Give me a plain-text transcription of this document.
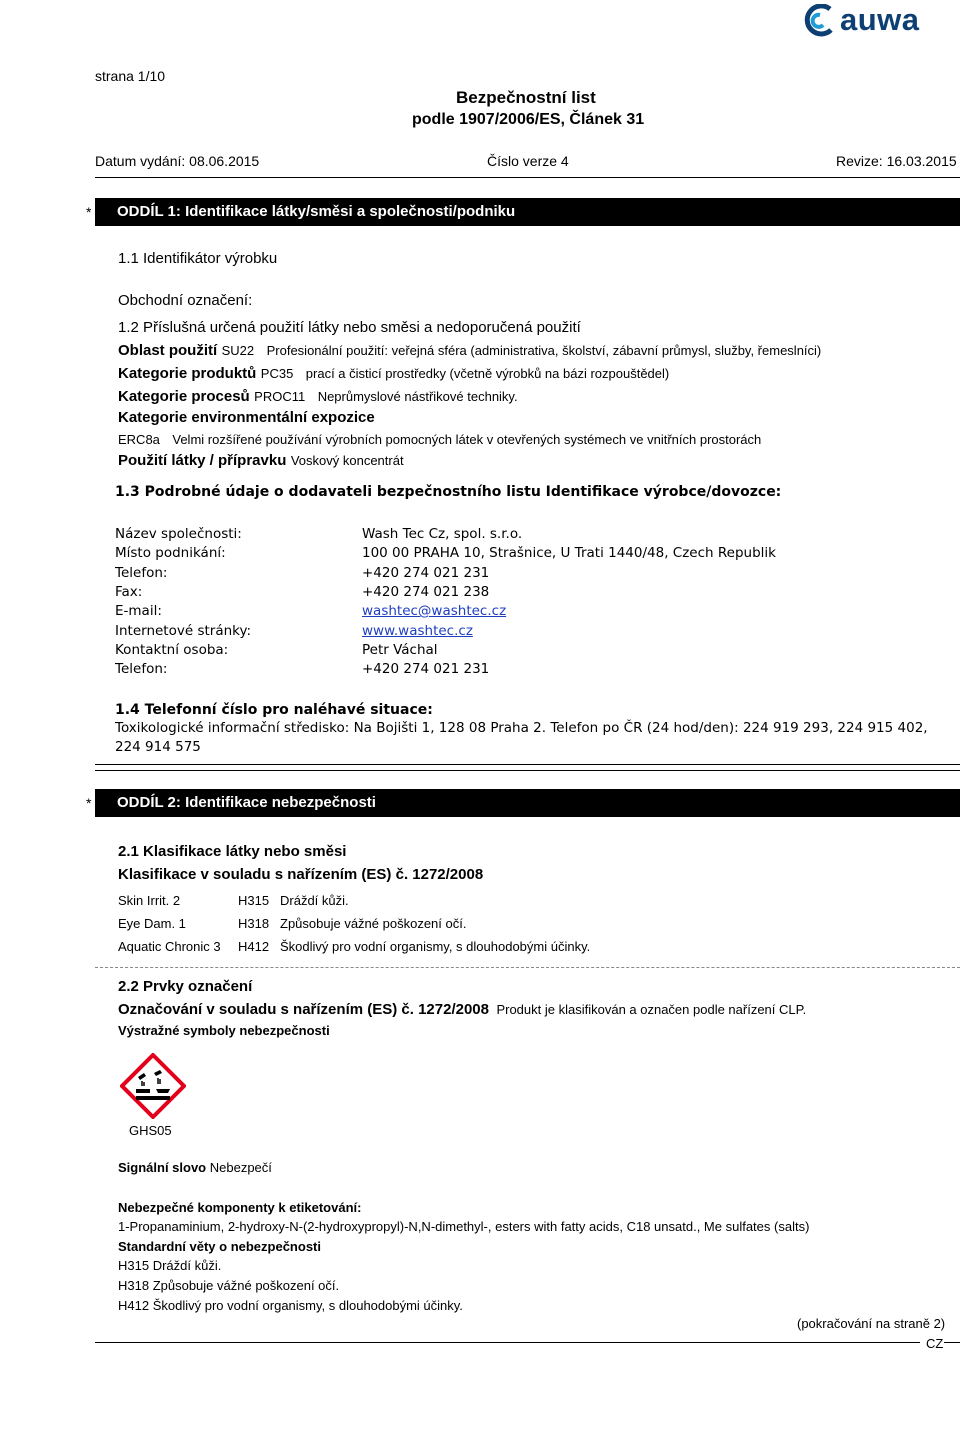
auwa
strana 1/10
Bezpečnostní list
podle 1907/2006/ES, Článek 31
Datum vydání: 08.06.2015	Číslo verze 4	Revize: 16.03.2015
*	ODDÍL 1: Identifikace látky/směsi a společnosti/podniku
1.1 Identifikátor výrobku
Obchodní označení:
1.2 Příslušná určená použití látky nebo směsi a nedoporučená použití
Oblast použití SU22 Profesionální použití: veřejná sféra (administrativa, školství, zábavní průmysl, služby, řemeslníci)
Kategorie produktů PC35 prací a čisticí prostředky (včetně výrobků na bázi rozpouštědel)
Kategorie procesů PROC11 Neprůmyslové nástřikové techniky.
Kategorie environmentální expozice
ERC8a Velmi rozšířené používání výrobních pomocných látek v otevřených systémech ve vnitřních prostorách
Použití látky / přípravku Voskový koncentrát
1.3 Podrobné údaje o dodavateli bezpečnostního listu Identifikace výrobce/dovozce:
Název společnosti:	Wash Tec Cz, spol. s.r.o.
Místo podnikání:	100 00 PRAHA 10, Strašnice, U Trati 1440/48, Czech Republik
Telefon:	+420 274 021 231
Fax:	+420 274 021 238
E-mail:	washtec@washtec.cz
Internetové stránky:	www.washtec.cz
Kontaktní osoba:	Petr Váchal
Telefon:	+420 274 021 231
1.4 Telefonní číslo pro naléhavé situace:
Toxikologické informační středisko: Na Bojišti 1, 128 08 Praha 2. Telefon po ČR (24 hod/den): 224 919 293, 224 915 402,
224 914 575
*	ODDÍL 2: Identifikace nebezpečnosti
2.1 Klasifikace látky nebo směsi
Klasifikace v souladu s nařízením (ES) č. 1272/2008
Skin Irrit. 2	H315 Dráždí kůži.
Eye Dam. 1	H318 Způsobuje vážné poškození očí.
Aquatic Chronic 3 H412 Škodlivý pro vodní organismy, s dlouhodobými účinky.
2.2 Prvky označení
Označování v souladu s nařízením (ES) č. 1272/2008 Produkt je klasifikován a označen podle nařízení CLP.
Výstražné symboly nebezpečnosti
GHS05
Signální slovo Nebezpečí
Nebezpečné komponenty k etiketování:
1-Propanaminium, 2-hydroxy-N-(2-hydroxypropyl)-N,N-dimethyl-, esters with fatty acids, C18 unsatd., Me sulfates (salts)
Standardní věty o nebezpečnosti
H315 Dráždí kůži.
H318 Způsobuje vážné poškození očí.
H412 Škodlivý pro vodní organismy, s dlouhodobými účinky.
(pokračování na straně 2)
CZ
